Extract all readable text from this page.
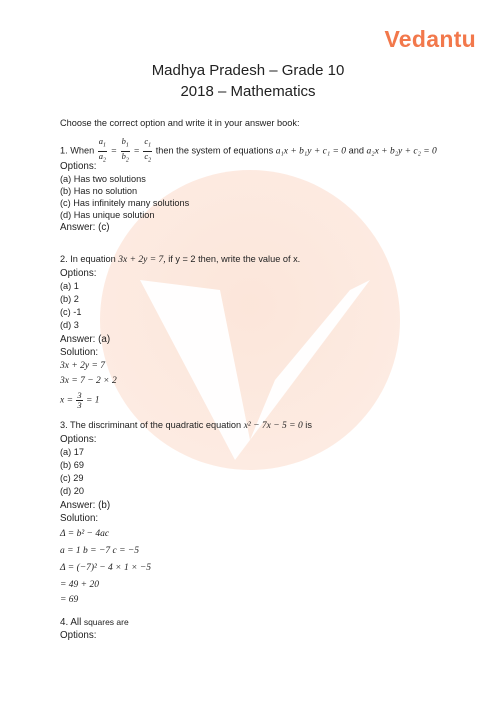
Vedantu
Madhya Pradesh – Grade 10
2018 – Mathematics
Choose the correct option and write it in your answer book:
1. When $\frac{a_1}{a_2} = \frac{b_1}{b_2} = \frac{c_1}{c_2}$ then the system of equations a₁x + b₁y + c₁ = 0 and a₂x + b₂y + c₂ = 0
Options:
(a) Has two solutions
(b) Has no solution
(c) Has infinitely many solutions
(d) Has unique solution
Answer: (c)
2. In equation 3x + 2y = 7, if y = 2 then, write the value of x.
Options:
(a) 1
(b) 2
(c) -1
(d) 3
Answer: (a)
Solution:
3x + 2y = 7
3x = 7 − 2 × 2
$x = \frac{3}{3} = 1$
3. The discriminant of the quadratic equation x² − 7x − 5 = 0 is
Options:
(a) 17
(b) 69
(c) 29
(d) 20
Answer: (b)
Solution:
Δ = b² − 4ac
a = 1 b = −7 c = −5
Δ = (−7)² − 4 × 1 × −5
= 49 + 20
= 69
4. All squares are
Options:
